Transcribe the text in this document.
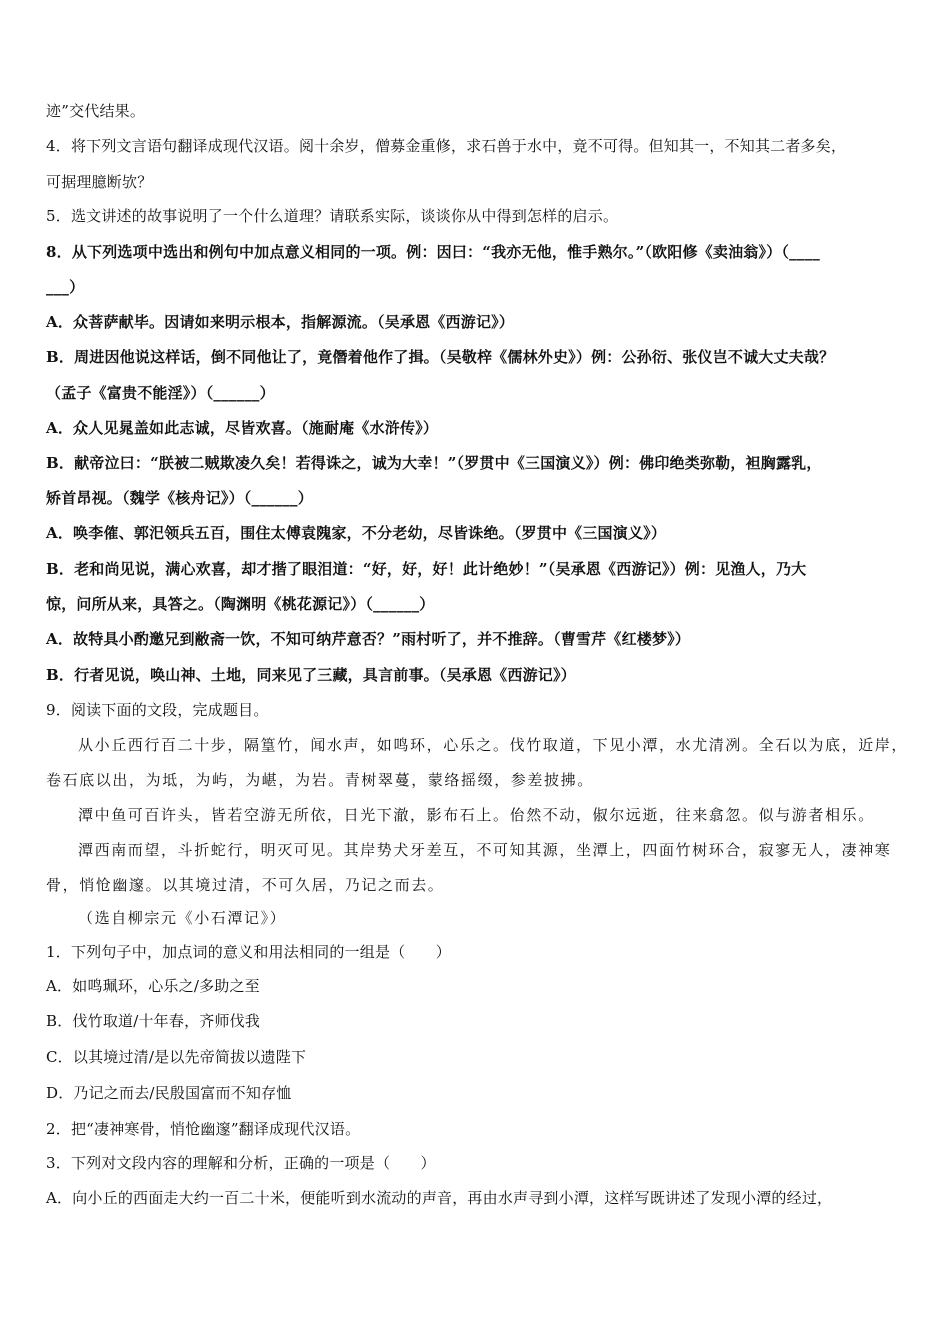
迹”交代结果。
4．将下列文言语句翻译成现代汉语。阅十余岁，僧募金重修，求石兽于水中，竟不可得。但知其一，不知其二者多矣，
可据理臆断欤？
5．选文讲述的故事说明了一个什么道理？请联系实际，谈谈你从中得到怎样的启示。
8．从下列选项中选出和例句中加点意义相同的一项。例：因曰：“我亦无他，惟手熟尔。”（欧阳修《卖油翁》）（____
___）
A．众菩萨献毕。因请如来明示根本，指解源流。（吴承恩《西游记》）
B．周进因他说这样话，倒不同他让了，竟僭着他作了揖。（吴敬梓《儒林外史》）例：公孙衍、张仪岂不诚大丈夫哉？
（孟子《富贵不能淫》）（______）
A．众人见晁盖如此志诚，尽皆欢喜。（施耐庵《水浒传》）
B．献帝泣曰：“朕被二贼欺凌久矣！若得诛之，诚为大幸！”（罗贯中《三国演义》）例：佛印绝类弥勒，袒胸露乳，
矫首昂视。（魏学《核舟记》）（______）
A．唤李傕、郭汜领兵五百，围住太傅袁隗家，不分老幼，尽皆诛绝。（罗贯中《三国演义》）
B．老和尚见说，满心欢喜，却才揩了眼泪道：“好，好，好！此计绝妙！”（吴承恩《西游记》）例：见渔人，乃大
惊，问所从来，具答之。（陶渊明《桃花源记》）（______）
A．故特具小酌邀兄到敝斋一饮，不知可纳芹意否？”雨村听了，并不推辞。（曹雪芹《红楼梦》）
B．行者见说，唤山神、土地，同来见了三藏，具言前事。（吴承恩《西游记》）
9．阅读下面的文段，完成题目。
从小丘西行百二十步，隔篁竹，闻水声，如鸣环，心乐之。伐竹取道，下见小潭，水尤清冽。全石以为底，近岸，
卷石底以出，为坻，为屿，为嵁，为岩。青树翠蔓，蒙络摇缀，参差披拂。
潭中鱼可百许头，皆若空游无所依，日光下澈，影布石上。佁然不动，俶尔远逝，往来翕忽。似与游者相乐。
潭西南而望，斗折蛇行，明灭可见。其岸势犬牙差互，不可知其源，坐潭上，四面竹树环合，寂寥无人，凄神寒
骨，悄怆幽邃。以其境过清，不可久居，乃记之而去。
（选自柳宗元《小石潭记》）
1．下列句子中，加点词的意义和用法相同的一组是（　　）
A．如鸣珮环，心乐之/多助之至
B．伐竹取道/十年春，齐师伐我
C．以其境过清/是以先帝简拔以遗陛下
D．乃记之而去/民殷国富而不知存恤
2．把“凄神寒骨，悄怆幽邃”翻译成现代汉语。
3．下列对文段内容的理解和分析，正确的一项是（　　）
A．向小丘的西面走大约一百二十米，便能听到水流动的声音，再由水声寻到小潭，这样写既讲述了发现小潭的经过，
